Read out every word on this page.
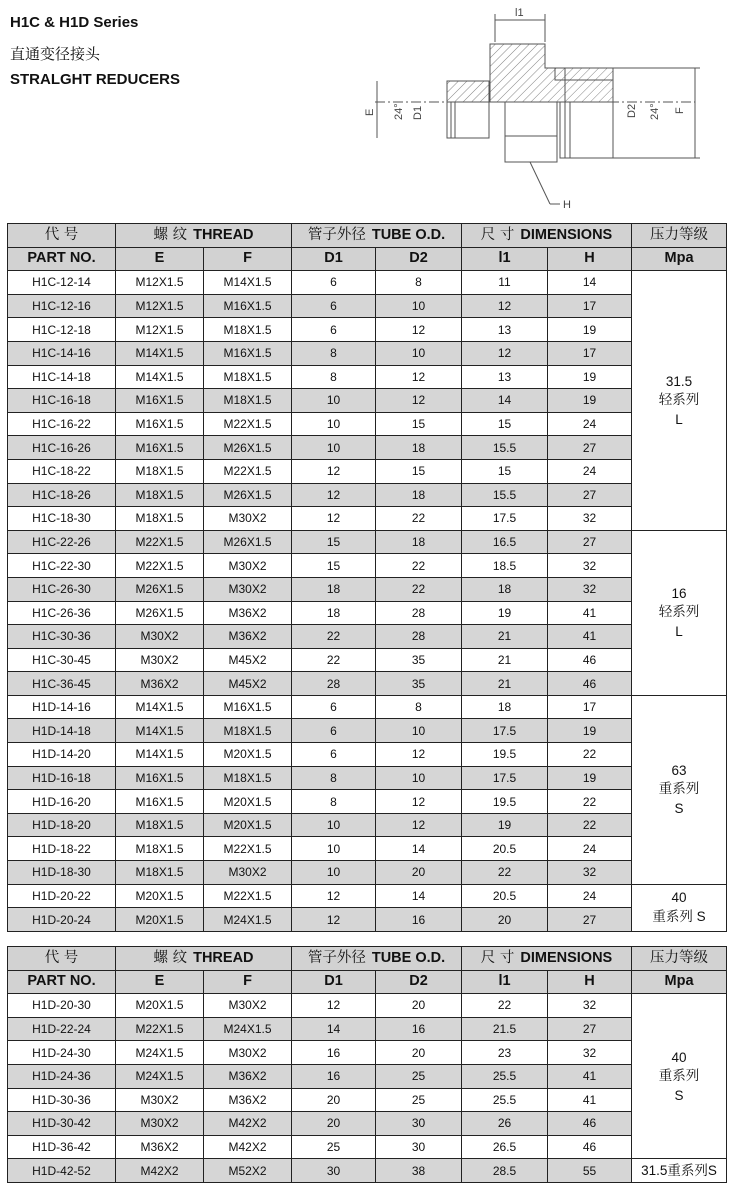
H1C & H1D Series
直通变径接头
STRALGHT REDUCERS
l1
E 24° D1	D2 24° F
H
代 号	螺 纹 THREAD		管子外径 TUBE O.D.		尺 寸 DIMENSIONS		压力等级
PART NO.	E	F	D1	D2	l1	H	Mpa
H1C-12-14	M12X1.5	M14X1.5	6	8	11	14	31.5
轻系列
L

H1C-12-16	M12X1.5	M16X1.5	6	10	12	17	
H1C-12-18	M12X1.5	M18X1.5	6	12	13	19	
H1C-14-16	M14X1.5	M16X1.5	8	10	12	17	
H1C-14-18	M14X1.5	M18X1.5	8	12	13	19	
H1C-16-18	M16X1.5	M18X1.5	10	12	14	19	
H1C-16-22	M16X1.5	M22X1.5	10	15	15	24	
H1C-16-26	M16X1.5	M26X1.5	10	18	15.5	27	
H1C-18-22	M18X1.5	M22X1.5	12	15	15	24	
H1C-18-26	M18X1.5	M26X1.5	12	18	15.5	27	
H1C-18-30	M18X1.5	M30X2	12	22	17.5	32	
H1C-22-26	M22X1.5	M26X1.5	15	18	16.5	27	16
轻系列
L

H1C-22-30	M22X1.5	M30X2	15	22	18.5	32	
H1C-26-30	M26X1.5	M30X2	18	22	18	32	
H1C-26-36	M26X1.5	M36X2	18	28	19	41	
H1C-30-36	M30X2	M36X2	22	28	21	41	
H1C-30-45	M30X2	M45X2	22	35	21	46	
H1C-36-45	M36X2	M45X2	28	35	21	46	
H1D-14-16	M14X1.5	M16X1.5	6	8	18	17	63
重系列
S

H1D-14-18	M14X1.5	M18X1.5	6	10	17.5	19	
H1D-14-20	M14X1.5	M20X1.5	6	12	19.5	22	
H1D-16-18	M16X1.5	M18X1.5	8	10	17.5	19	
H1D-16-20	M16X1.5	M20X1.5	8	12	19.5	22	
H1D-18-20	M18X1.5	M20X1.5	10	12	19	22	
H1D-18-22	M18X1.5	M22X1.5	10	14	20.5	24	
H1D-18-30	M18X1.5	M30X2	10	20	22	32	
H1D-20-22	M20X1.5	M22X1.5	12	14	20.5	24	40
重系列 S

H1D-20-24	M20X1.5	M24X1.5	12	16	20	27	
代 号	螺 纹 THREAD		管子外径 TUBE O.D.		尺 寸 DIMENSIONS		压力等级
PART NO.	E	F	D1	D2	l1	H	Mpa
H1D-20-30	M20X1.5	M30X2	12	20	22	32	40
重系列
S

H1D-22-24	M22X1.5	M24X1.5	14	16	21.5	27	
H1D-24-30	M24X1.5	M30X2	16	20	23	32	
H1D-24-36	M24X1.5	M36X2	16	25	25.5	41	
H1D-30-36	M30X2	M36X2	20	25	25.5	41	
H1D-30-42	M30X2	M42X2	20	30	26	46	
H1D-36-42	M36X2	M42X2	25	30	26.5	46	
H1D-42-52	M42X2	M52X2	30	38	28.5	55	31.5重系列S
